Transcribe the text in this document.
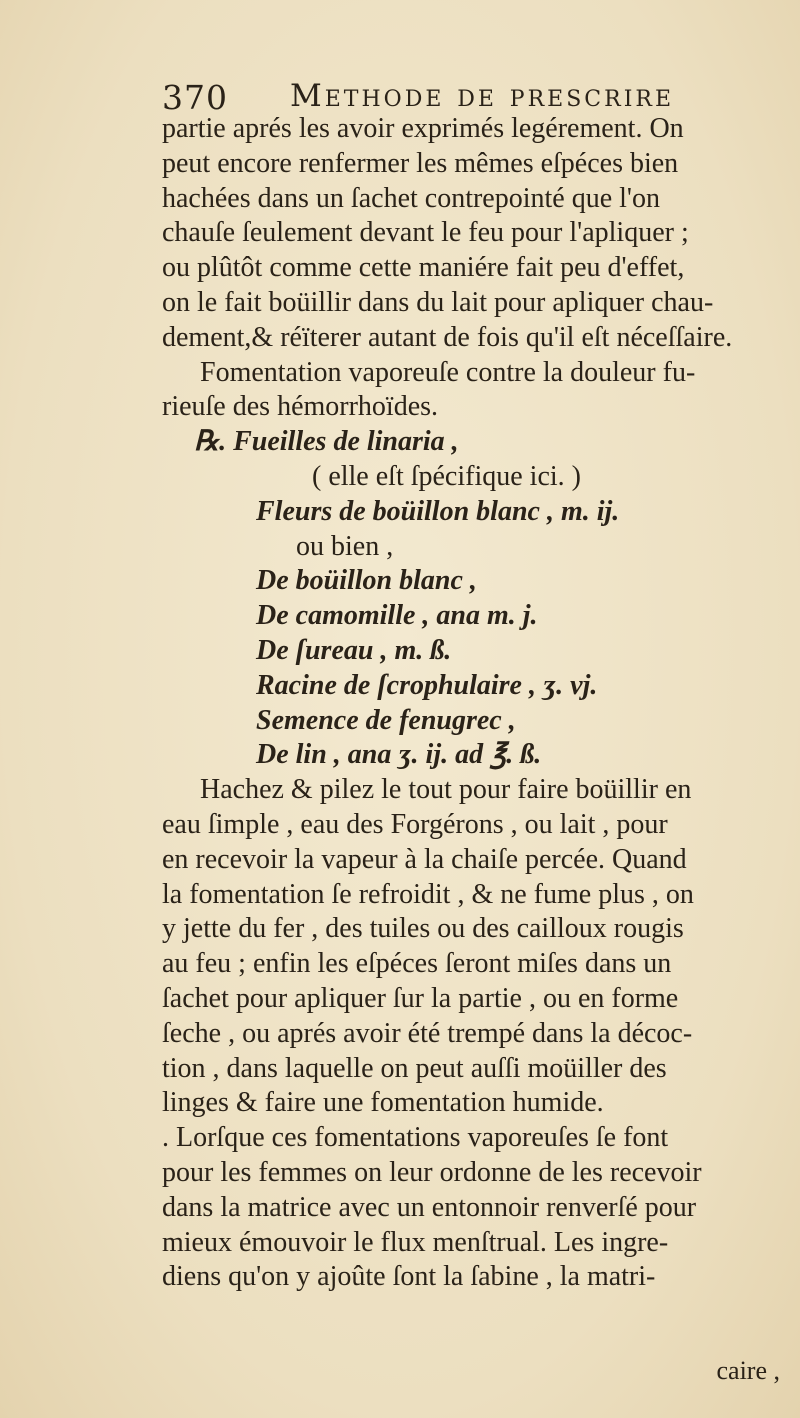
370 Methode de prescrire
partie aprés les avoir exprimés legérement. On
peut encore renfermer les mêmes eſpéces bien
hachées dans un ſachet contrepointé que l'on
chauſe ſeulement devant le feu pour l'apliquer ;
ou plûtôt comme cette maniére fait peu d'effet,
on le fait boüillir dans du lait pour apliquer chau-
dement,& réïterer autant de fois qu'il eſt néceſſaire.
Fomentation vaporeuſe contre la douleur fu-
rieuſe des hémorrhoïdes.
℞. Fueilles de linaria ,
( elle eſt ſpécifique ici. )
Fleurs de boüillon blanc , m. ij.
ou bien ,
De boüillon blanc ,
De camomille , ana m. j.
De ſureau , m. ß.
Racine de ſcrophulaire , ʒ. vj.
Semence de fenugrec ,
De lin , ana ʒ. ij. ad ℥. ß.
Hachez & pilez le tout pour faire boüillir en
eau ſimple , eau des Forgérons , ou lait , pour
en recevoir la vapeur à la chaiſe percée. Quand
la fomentation ſe refroidit , & ne fume plus , on
y jette du fer , des tuiles ou des cailloux rougis
au feu ; enfin les eſpéces ſeront miſes dans un
ſachet pour apliquer ſur la partie , ou en forme
ſeche , ou aprés avoir été trempé dans la décoc-
tion , dans laquelle on peut auſſi moüiller des
linges & faire une fomentation humide.
. Lorſque ces fomentations vaporeuſes ſe font
pour les femmes on leur ordonne de les recevoir
dans la matrice avec un entonnoir renverſé pour
mieux émouvoir le flux menſtrual. Les ingre-
diens qu'on y ajoûte ſont la ſabine , la matri-
caire ,
